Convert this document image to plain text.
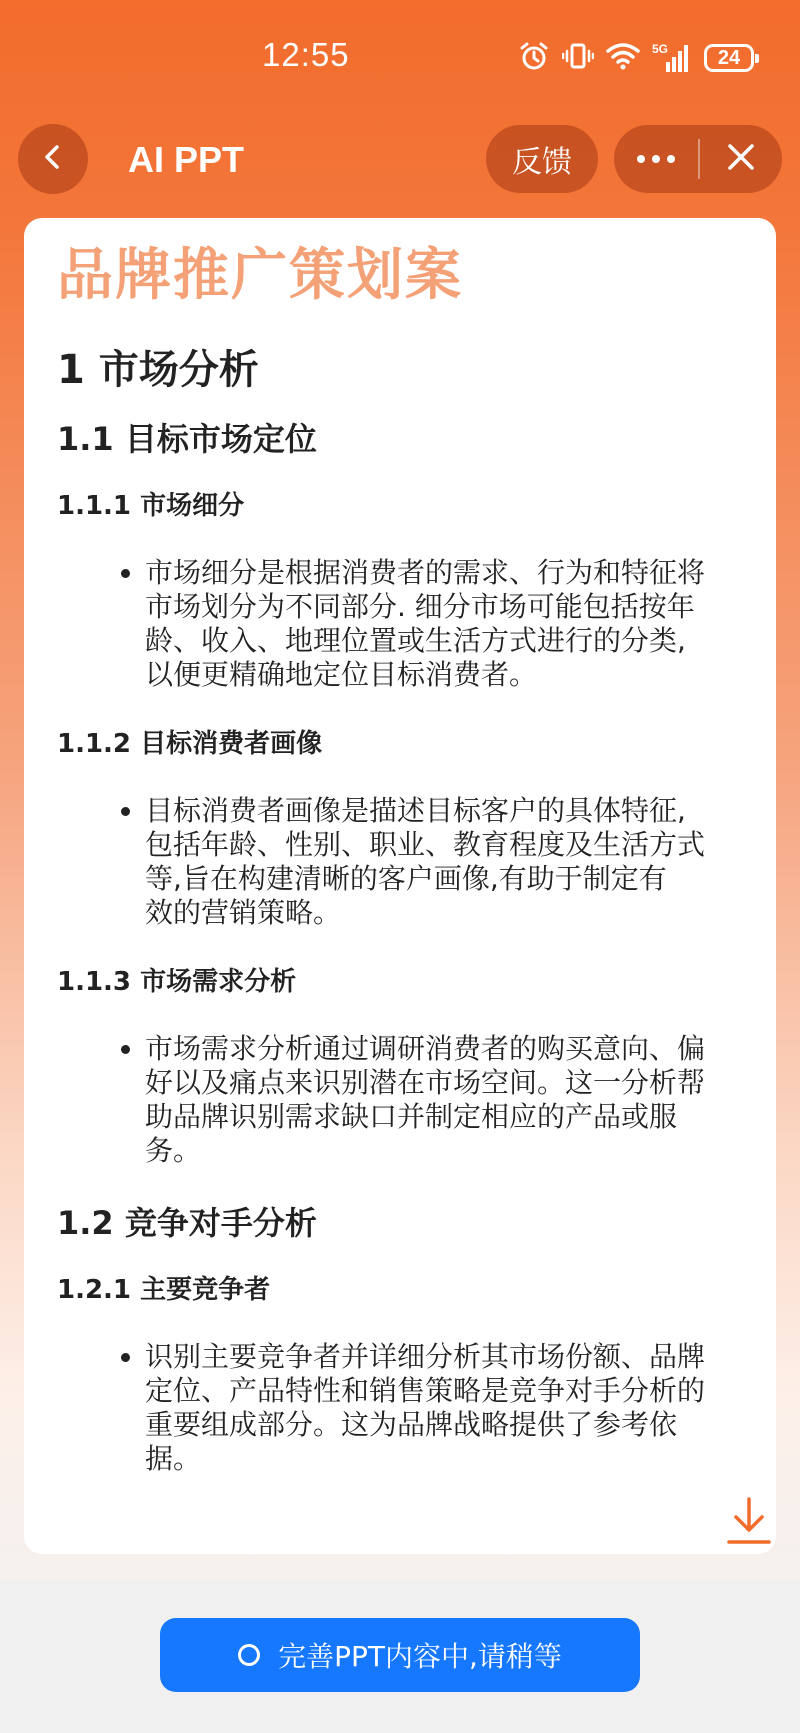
12:55	5G	24
AI PPT	反馈
品牌推广策划案
1 市场分析
1.1 目标市场定位
1.1.1 市场细分
• 市场细分是根据消费者的需求、行为和特征将
市场划分为不同部分. 细分市场可能包括按年
龄、收入、地理位置或生活方式进行的分类,
以便更精确地定位目标消费者。
1.1.2 目标消费者画像
• 目标消费者画像是描述目标客户的具体特征,
包括年龄、性别、职业、教育程度及生活方式
等,旨在构建清晰的客户画像,有助于制定有
效的营销策略。
1.1.3 市场需求分析
• 市场需求分析通过调研消费者的购买意向、偏
好以及痛点来识别潜在市场空间。这一分析帮
助品牌识别需求缺口并制定相应的产品或服
务。
1.2 竞争对手分析
1.2.1 主要竞争者
• 识别主要竞争者并详细分析其市场份额、品牌
定位、产品特性和销售策略是竞争对手分析的
重要组成部分。这为品牌战略提供了参考依
据。
完善PPT内容中,请稍等
